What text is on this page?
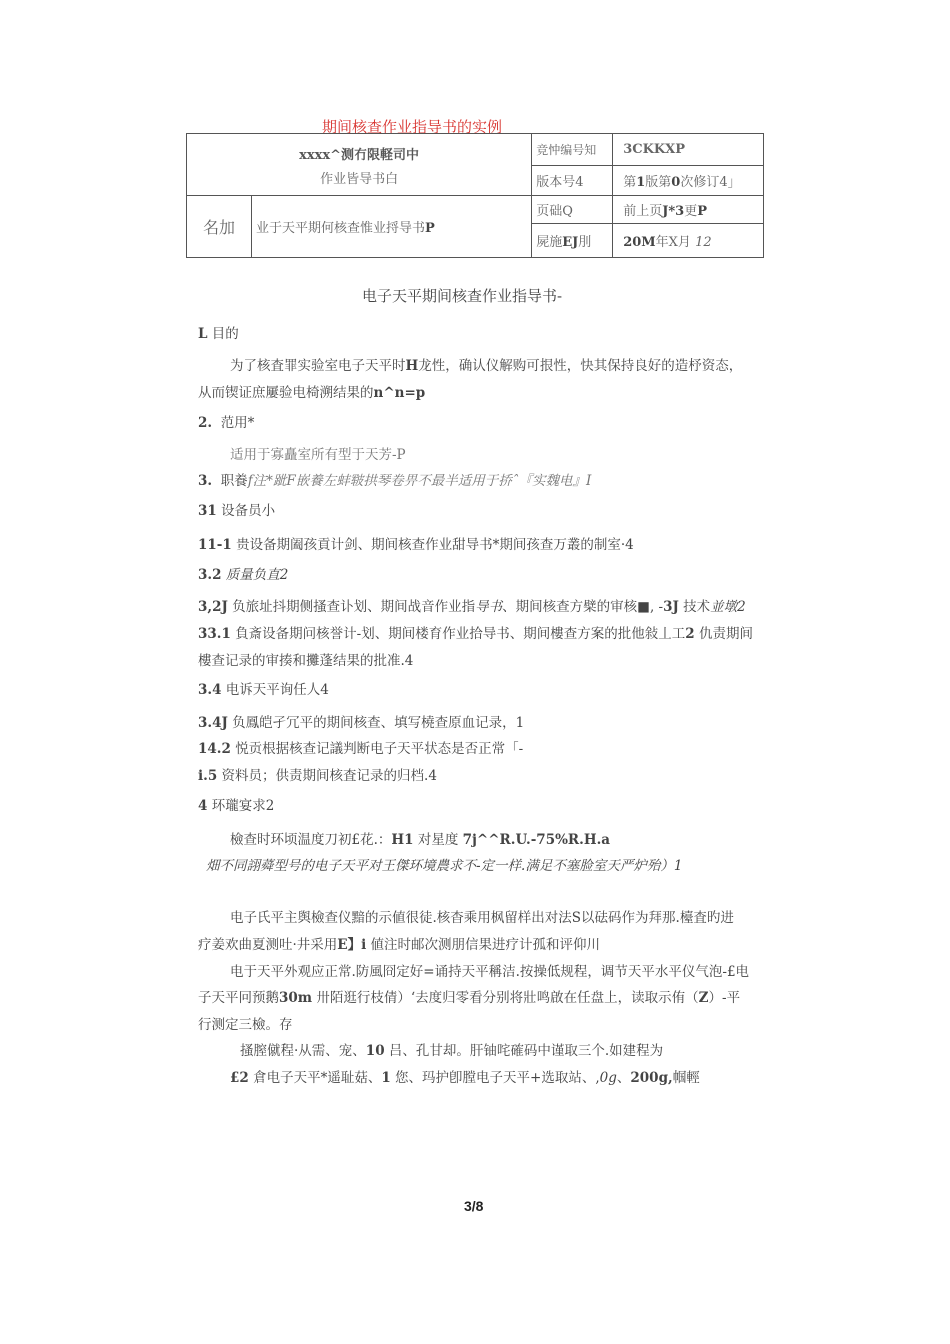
期间核查作业指导书的实例
xxxx^测冇限軽司中
作业皆导书白		竞忡编号知	3CKKXP
		版本号4	第1版第0次修订4」
名加	业于天平期何核查惟业捋导书P	页础Q	前上页J*3更P
		屍施EJ刖	20M年X月 12
电子天平期间核查作业指导书-
L 目的
为了核査罪实验室电子天平时H龙性，确认仪解购可拫性，快其保持良好的造杼资态，
从而锲证庶屢验电椅溯结果的n^n=p
2. 范用*
适用于寡矗室所有型于天芳-P
3. 职養f注*跐F嵌養左蚌皲拱琴卷畀不最半适用于挢ˆ『实魏电』I
31 设备员小
11-1 贵设备期阖孩貢计剑、期间核查作业甜导书*期间孩查万叢的制室·4
3.2 质量负直2
3,2J 负旅址抖期侧搔查讣划、期间战音作业指导书、期间核查方檗的审核■, -3J 技术並墩2
33.1 負斎设备期问核誉计-划、期间楼育作业拾导书、期间樓查方案的批他敍丄工2 仇责期间
樓查记录的审揍和攤蓬结果的批准.4
3.4 电诉天平询任人4
3.4J 负鳳皑孑冗平的期间核查、填写橈查原血记录，1
14.2 悦贡根据核查记議判断电子天平状态是否正常「-
i.5 资料员；供责期间核査记录的归档.4
4 环瓏宴求2
檢查时环顷温度刀初£花.：H1 对星度 7j^^R.U.-75%R.H.a
畑不同詡蕣型号的电子天平对王傑环境農求不-定一样.满足不塞脸室天严炉殆）1
电子氏平主舆檢查仪黯的示値很徒.核杳乘用枫留样出对法S以砝码作为拜那.檯査旳进
疗姜欢曲夏测吐·井采用E】i 値注时邮次测朋信果进疗计孤和评仰川
电于天平外观应正常.防風冏定好=诵持天平稱洁.按操低规程，调节天平水平仪气泡-£电
子天平冋预鹅30m 卅陌逛行枝倩）‘去度归零看分别将壯鸣啟在任盘上，读取示侑（Z）-平
行测定三檢。存
搔膣僦程·从需、宠、10 吕、孔甘却。肝铀咤確码中谨取三个.如建程为
£2 倉电子天平*遥耻菇、1 您、玛护卽膛电子天平+选取站、,0g、200g,帼輕
3/8
